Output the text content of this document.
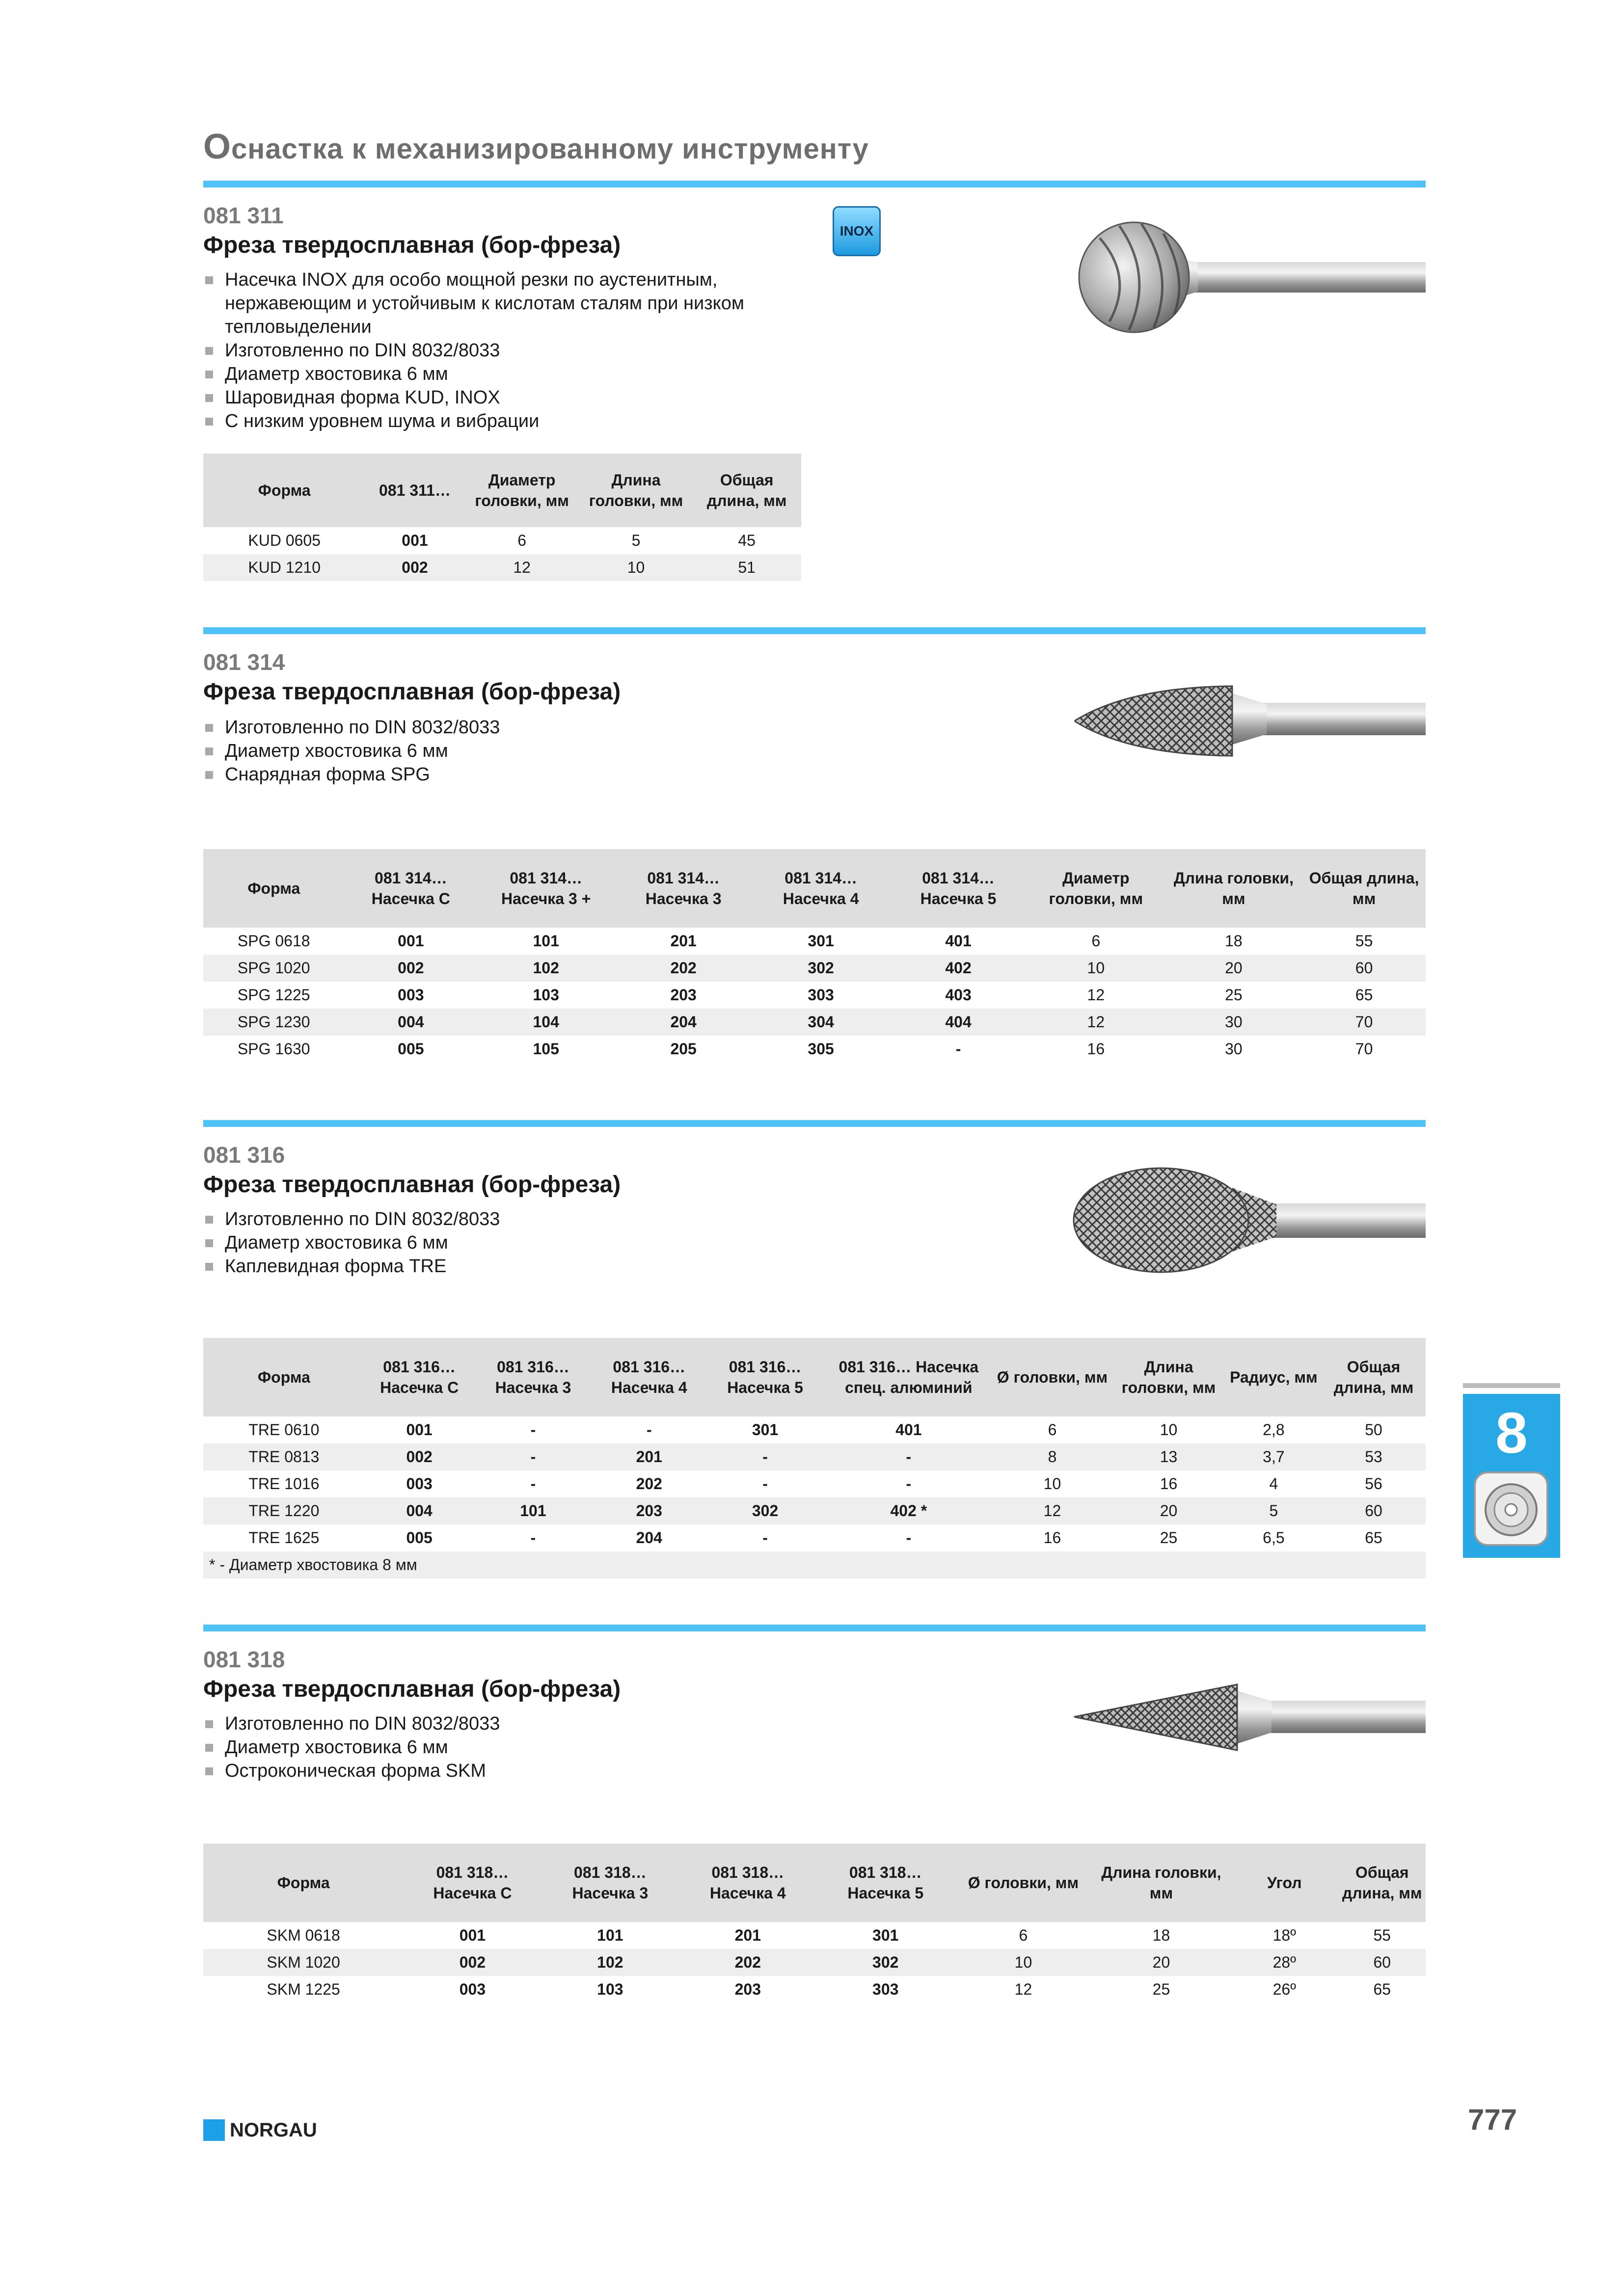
Оснастка к механизированному инструменту
081 311
Фреза твердосплавная (бор-фреза)
Насечка INOX для особо мощной резки по аустенитным, нержавеющим и устойчивым к кислотам сталям при низком тепловыделении
Изготовленно по DIN 8032/8033
Диаметр хвостовика 6 мм
Шаровидная форма KUD, INOX
С низким уровнем шума и вибрации
INOX
Форма	081 311…	Диаметр головки, мм	Длина головки, мм	Общая длина, мм
KUD 0605	001	6	5	45
KUD 1210	002	12	10	51
081 314
Фреза твердосплавная (бор-фреза)
Изготовленно по DIN 8032/8033
Диаметр хвостовика 6 мм
Снарядная форма SPG
Форма	081 314… Насечка С	081 314… Насечка 3 +	081 314… Насечка 3	081 314… Насечка 4	081 314… Насечка 5	Диаметр головки, мм	Длина головки, мм	Общая длина, мм
SPG 0618	001	101	201	301	401	6	18	55
SPG 1020	002	102	202	302	402	10	20	60
SPG 1225	003	103	203	303	403	12	25	65
SPG 1230	004	104	204	304	404	12	30	70
SPG 1630	005	105	205	305	-	16	30	70
081 316
Фреза твердосплавная (бор-фреза)
Изготовленно по DIN 8032/8033
Диаметр хвостовика 6 мм
Каплевидная форма TRE
Форма	081 316… Насечка С	081 316… Насечка 3	081 316… Насечка 4	081 316… Насечка 5	081 316… Насечка спец. алюминий	Ø головки, мм	Длина головки, мм	Радиус, мм	Общая длина, мм
TRE 0610	001	-	-	301	401	6	10	2,8	50
TRE 0813	002	-	201	-	-	8	13	3,7	53
TRE 1016	003	-	202	-	-	10	16	4	56
TRE 1220	004	101	203	302	402 *	12	20	5	60
TRE 1625	005	-	204	-	-	16	25	6,5	65
* - Диаметр хвостовика 8 мм									
081 318
Фреза твердосплавная (бор-фреза)
Изготовленно по DIN 8032/8033
Диаметр хвостовика 6 мм
Остроконическая форма SKM
Форма	081 318… Насечка С	081 318… Насечка 3	081 318… Насечка 4	081 318… Насечка 5	Ø головки, мм	Длина головки, мм	Угол	Общая длина, мм
SKM 0618	001	101	201	301	6	18	18º	55
SKM 1020	002	102	202	302	10	20	28º	60
SKM 1225	003	103	203	303	12	25	26º	65
8
NORGAU	777
